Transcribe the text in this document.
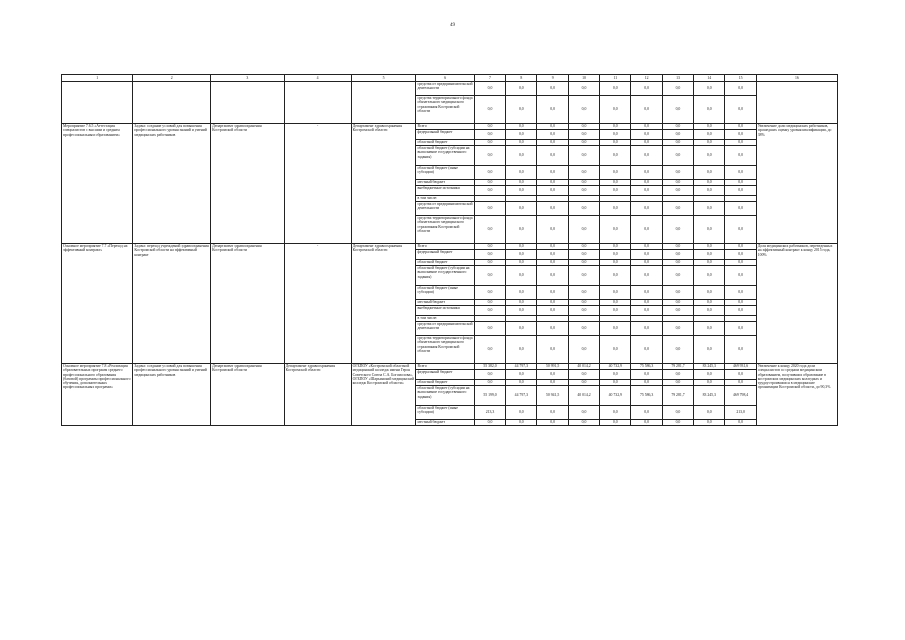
49
1	2	3	4	5	6	7	8	9	10	11	12	13	14	15	16
					средства от предпринимательской деятельности	0,0	0,0	0,0	0,0	0,0	0,0	0,0	0,0	0,0	
					средства территориального фонда обязательного медицинского страхования Костромской области	0,0	0,0	0,0	0,0	0,0	0,0	0,0	0,0	0,0	
Мероприятие 7.6.5 «Аттестация специалистов с высшим и средним профессиональным образованием»	Задача: создание условий для повышения профессионального уровня знаний и умений медицинских работников	Департамент здравоохранения Костромской области	-	Департамент здравоохранения Костромской области	Всего	0,0	0,0	0,0	0,0	0,0	0,0	0,0	0,0	0,0	Увеличение доли медицинских работников, прошедших оценку уровня квалификации, до 38%
					федеральный бюджет	0,0	0,0	0,0	0,0	0,0	0,0	0,0	0,0	0,0	
					областной бюджет	0,0	0,0	0,0	0,0	0,0	0,0	0,0	0,0	0,0	
					областной бюджет (субсидии на выполнение государственного задания)	0,0	0,0	0,0	0,0	0,0	0,0	0,0	0,0	0,0	
					областной бюджет (иные субсидии)	0,0	0,0	0,0	0,0	0,0	0,0	0,0	0,0	0,0	
					местный бюджет	0,0	0,0	0,0	0,0	0,0	0,0	0,0	0,0	0,0	
					внебюджетные источники	0,0	0,0	0,0	0,0	0,0	0,0	0,0	0,0	0,0	
					в том числе:										
					средства от предпринимательской деятельности	0,0	0,0	0,0	0,0	0,0	0,0	0,0	0,0	0,0	
					средства территориального фонда обязательного медицинского страхования Костромской области	0,0	0,0	0,0	0,0	0,0	0,0	0,0	0,0	0,0	
Основное мероприятие 7.7 «Переход на эффективный контракт»	Задача: переход учреждений здравоохранения Костромской области на эффективный контракт	Департамент здравоохранения Костромской области	-	Департамент здравоохранения Костромской области	Всего	0,0	0,0	0,0	0,0	0,0	0,0	0,0	0,0	0,0	Доля медицинских работников, переведенных на эффективный контракт к концу 2015 года, 100%
					федеральный бюджет	0,0	0,0	0,0	0,0	0,0	0,0	0,0	0,0	0,0	
					областной бюджет	0,0	0,0	0,0	0,0	0,0	0,0	0,0	0,0	0,0	
					областной бюджет (субсидии на выполнение государственного задания)	0,0	0,0	0,0	0,0	0,0	0,0	0,0	0,0	0,0	
					областной бюджет (иные субсидии)	0,0	0,0	0,0	0,0	0,0	0,0	0,0	0,0	0,0	
					местный бюджет	0,0	0,0	0,0	0,0	0,0	0,0	0,0	0,0	0,0	
					внебюджетные источники	0,0	0,0	0,0	0,0	0,0	0,0	0,0	0,0	0,0	
					в том числе:										
					средства от предпринимательской деятельности	0,0	0,0	0,0	0,0	0,0	0,0	0,0	0,0	0,0	
					средства территориального фонда обязательного медицинского страхования Костромской области	0,0	0,0	0,0	0,0	0,0	0,0	0,0	0,0	0,0	
Основное мероприятие 7.8 «Реализация образовательных программ среднего профессионального образования (базовой) программы профессионального обучения, дополнительных профессиональных программ»	Задача: создание условий для повышения профессионального уровня знаний и умений медицинских работников	Департамент здравоохранения Костромской области	Департамент здравоохранения Костромской области	ОГБПОУ «Костромской областной медицинский колледж имени Героя Советского Союза С.А. Богомолова», ОГБПОУ «Шарьинский медицинский колледж Костромской области»	Всего	55 382,0	44 797,3	50 991,5	40 014,2	40 732,9	75 586,3	79 281,7	83 245,3	469 931,6	Увеличение к концу 2020 года доли специалистов со средним медицинским образованием, получивших образование в костромских медицинских колледжах и трудоустроившихся в медицинские организации Костромской области, до 90,3%
					федеральный бюджет	0,0	0,0	0,0	0,0	0,0	0,0	0,0	0,0	0,0	
					областной бюджет	0,0	0,0	0,0	0,0	0,0	0,0	0,0	0,0	0,0	
					областной бюджет (субсидии на выполнение государственного задания)	55 199,0	44 797,3	50 941,5	40 014,2	40 732,9	75 586,3	79 281,7	83 245,3	469 798,4	
					областной бюджет (иные субсидии)	213,3	0,0	0,0	0,0	0,0	0,0	0,0	0,0	213,0	
					местный бюджет	0,0	0,0	0,0	0,0	0,0	0,0	0,0	0,0	0,0	
